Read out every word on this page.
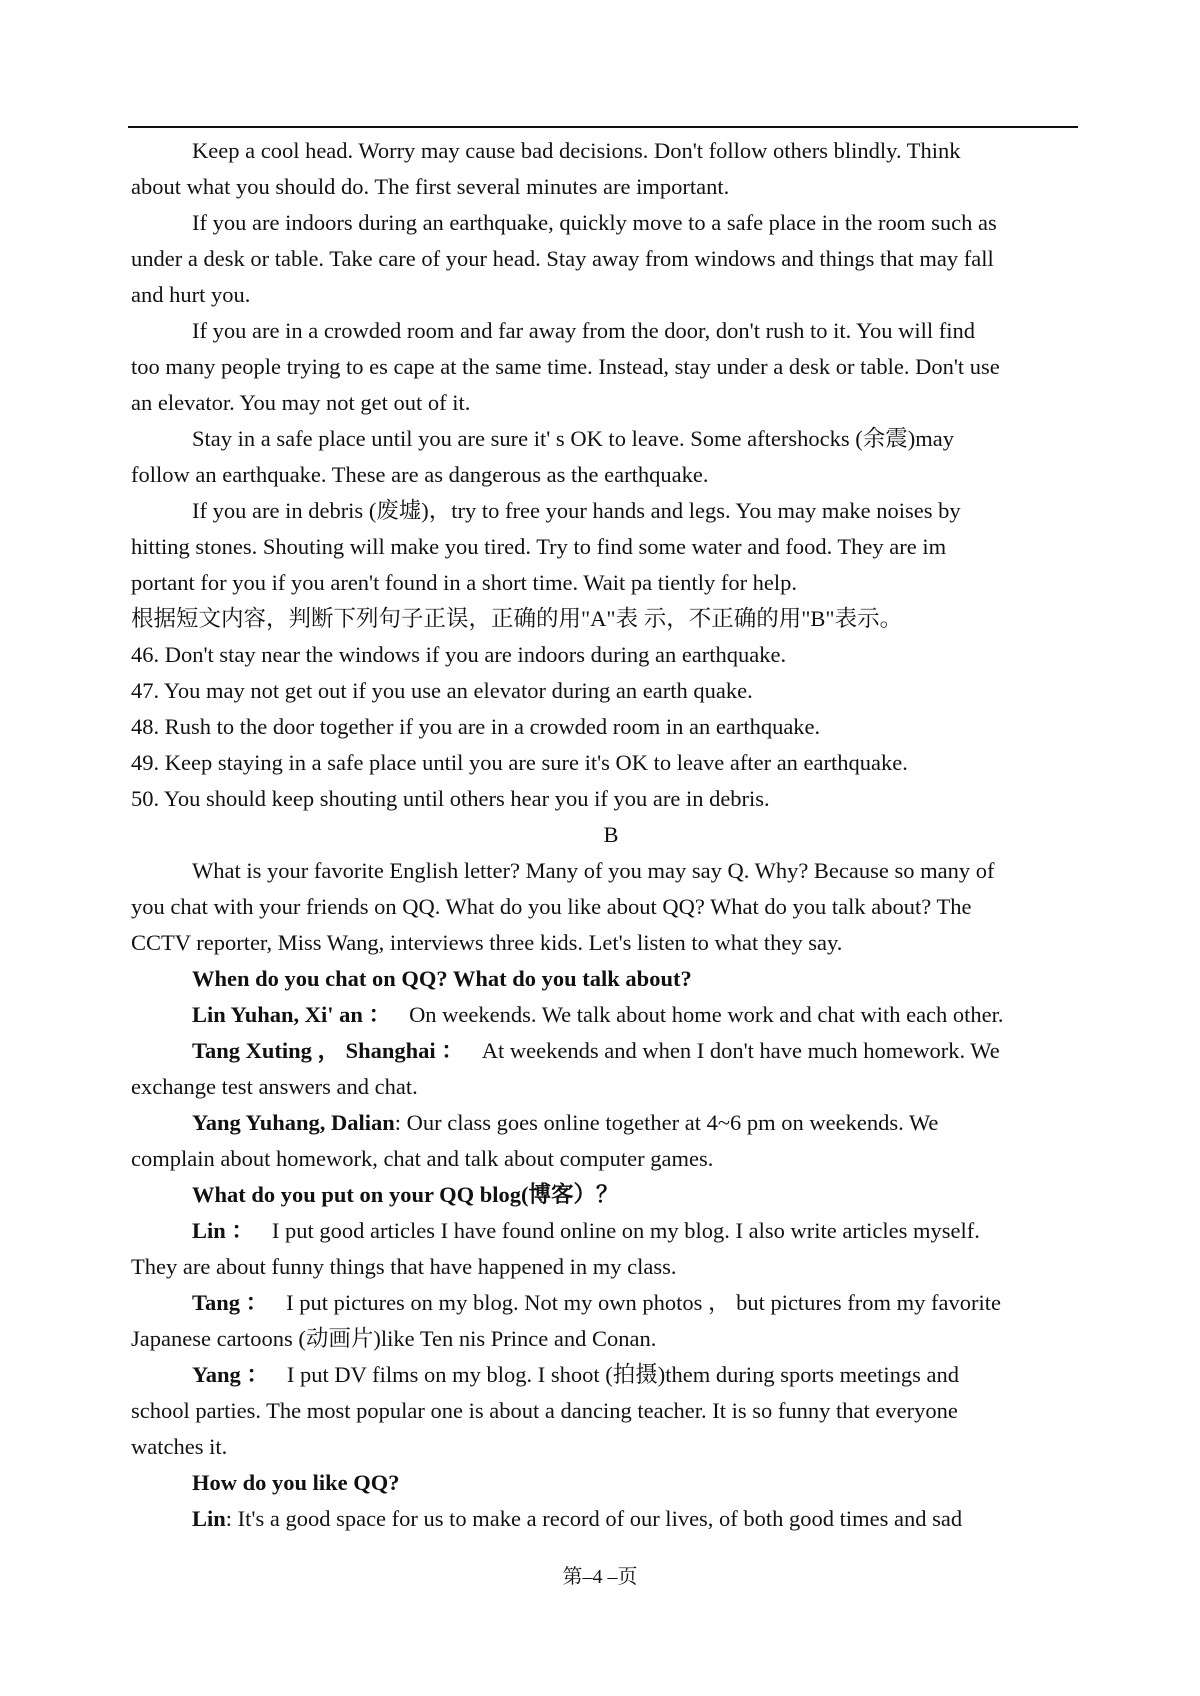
Keep a cool head. Worry may cause bad decisions. Don't follow others blindly. Think
about what you should do. The first several minutes are important.
If you are indoors during an earthquake, quickly move to a safe place in the room such as
under a desk or table. Take care of your head. Stay away from windows and things that may fall
and hurt you.
If you are in a crowded room and far away from the door, don't rush to it. You will find
too many people trying to es cape at the same time. Instead, stay under a desk or table. Don't use
an elevator. You may not get out of it.
Stay in a safe place until you are sure it' s OK to leave. Some aftershocks (余震)may
follow an earthquake. These are as dangerous as the earthquake.
If you are in debris (废墟)，try to free your hands and legs. You may make noises by
hitting stones. Shouting will make you tired. Try to find some water and food. They are im
portant for you if you aren't found in a short time. Wait pa tiently for help.
根据短文内容，判断下列句子正误，正确的用"A"表 示，不正确的用"B"表示。
46. Don't stay near the windows if you are indoors during an earthquake.
47. You may not get out if you use an elevator during an earth quake.
48. Rush to the door together if you are in a crowded room in an earthquake.
49. Keep staying in a safe place until you are sure it's OK to leave after an earthquake.
50. You should keep shouting until others hear you if you are in debris.
B
What is your favorite English letter? Many of you may say Q. Why? Because so many of
you chat with your friends on QQ. What do you like about QQ? What do you talk about? The
CCTV reporter, Miss Wang, interviews three kids. Let's listen to what they say.
When do you chat on QQ? What do you talk about?
Lin Yuhan, Xi' an ： On weekends. We talk about home work and chat with each other.
Tang Xuting ， Shanghai ： At weekends and when I don't have much homework. We
exchange test answers and chat.
Yang Yuhang, Dalian: Our class goes online together at 4~6 pm on weekends. We
complain about homework, chat and talk about computer games.
What do you put on your QQ blog(博客）？
Lin ： I put good articles I have found online on my blog. I also write articles myself.
They are about funny things that have happened in my class.
Tang ： I put pictures on my blog. Not my own photos ， but pictures from my favorite
Japanese cartoons (动画片)like Ten nis Prince and Conan.
Yang ： I put DV films on my blog. I shoot (拍摄)them during sports meetings and
school parties. The most popular one is about a dancing teacher. It is so funny that everyone
watches it.
How do you like QQ?
Lin: It's a good space for us to make a record of our lives, of both good times and sad
第–4 –页
